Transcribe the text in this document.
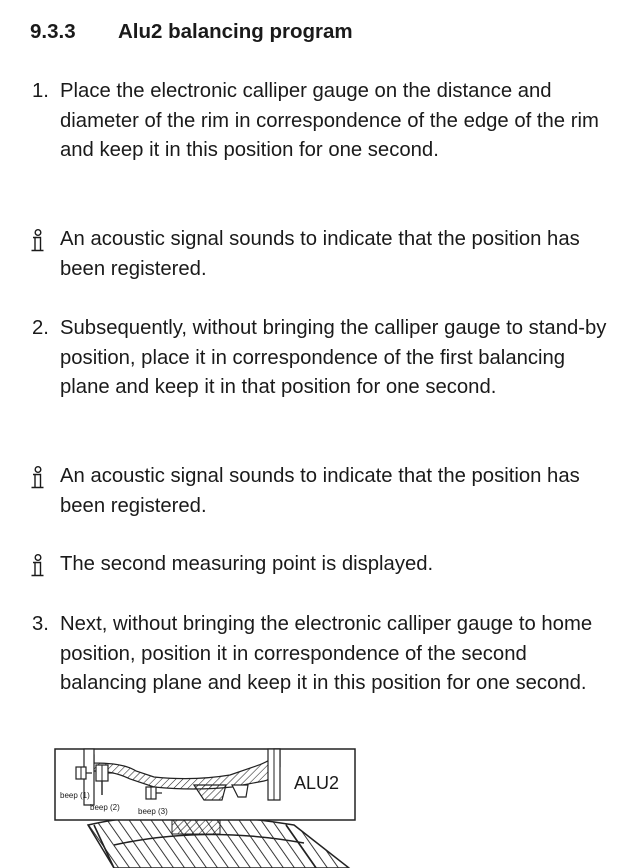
9.3.3 Alu2 balancing program
1. Place the electronic calliper gauge on the distance and diameter of the rim in correspondence of the edge of the rim and keep it in this position for one second.
An acoustic signal sounds to indicate that the position has been registered.
2. Subsequently, without bringing the calliper gauge to stand-by position, place it in correspondence of the first balancing plane and keep it in that position for one second.
An acoustic signal sounds to indicate that the position has been registered.
The second measuring point is displayed.
3. Next, without bringing the electronic calliper gauge to home position, position it in correspondence of the second balancing plane and keep it in this position for one second.
ALU2
beep (1)
beep (2) beep (3)
